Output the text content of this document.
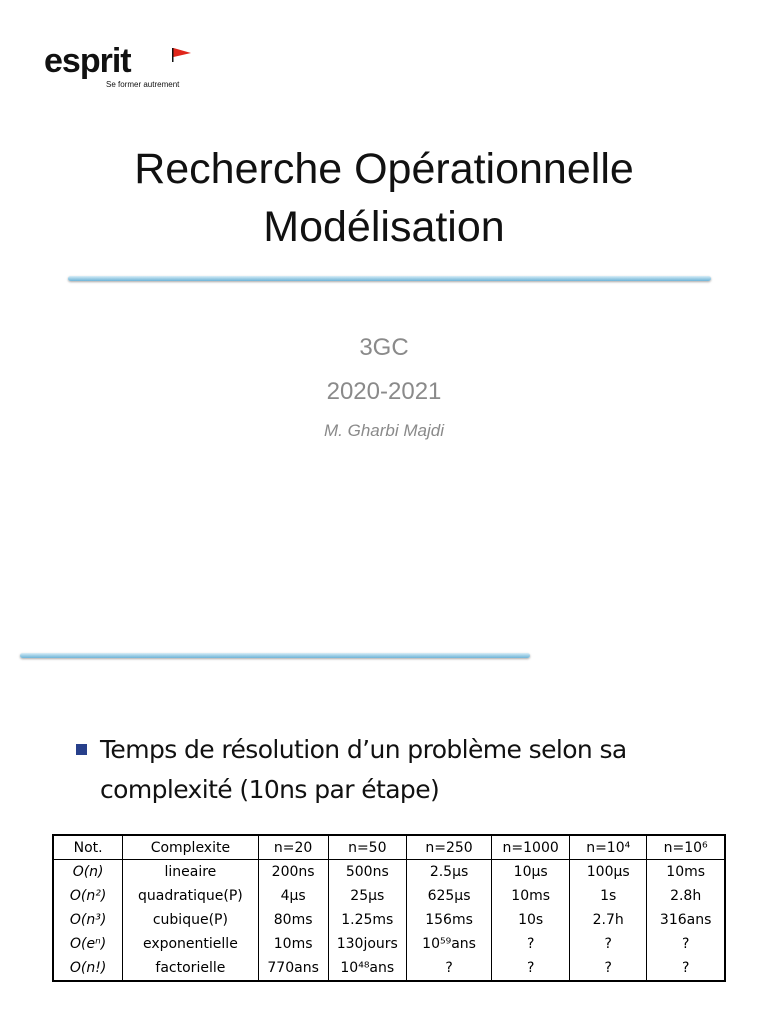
esprit
Se former autrement
Recherche Opérationnelle
Modélisation
3GC
2020-2021
M. Gharbi Majdi
Temps de résolution d’un problème selon sa complexité (10ns par étape)
Not.	Complexite	n=20	n=50	n=250	n=1000	n=10⁴	n=10⁶
O(n)	lineaire	200ns	500ns	2.5μs	10μs	100μs	10ms
O(n²)	quadratique(P)	4μs	25μs	625μs	10ms	1s	2.8h
O(n³)	cubique(P)	80ms	1.25ms	156ms	10s	2.7h	316ans
O(eⁿ)	exponentielle	10ms	130jours	10⁵⁹ans	?	?	?
O(n!)	factorielle	770ans	10⁴⁸ans	?	?	?	?
